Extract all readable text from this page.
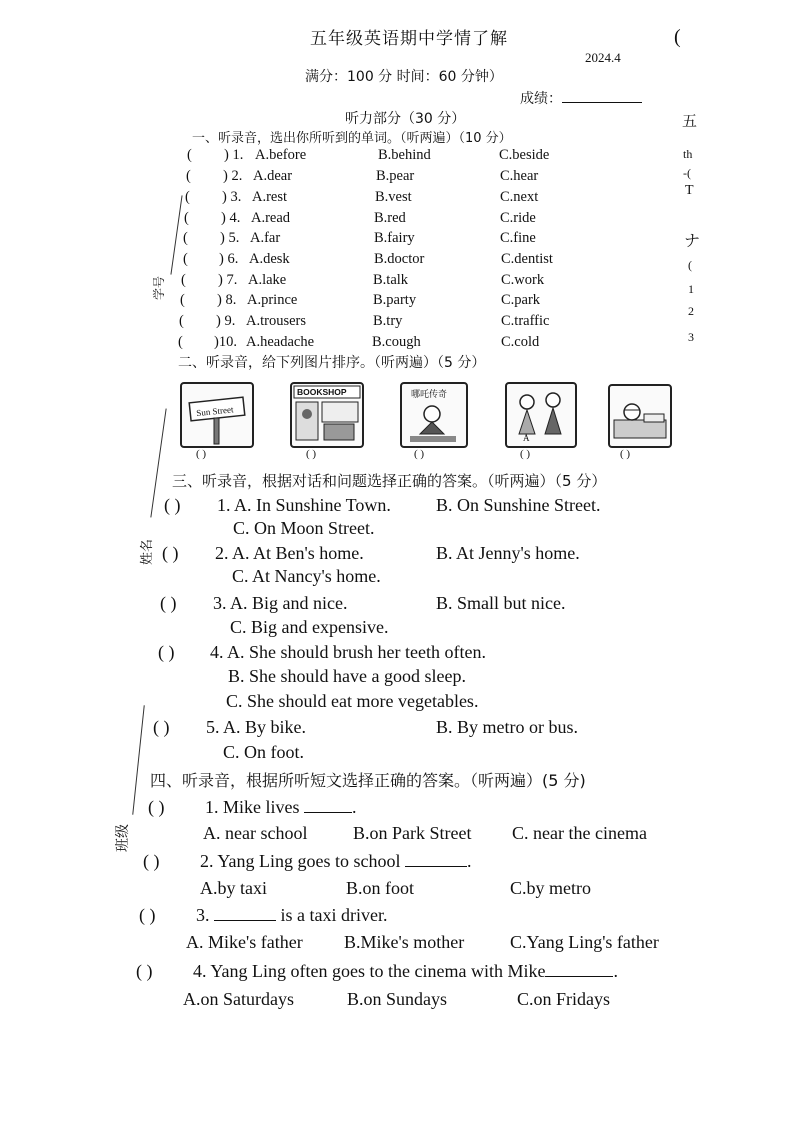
五年级英语期中学情了解	(
2024.4
满分：100 分 时间：60 分钟）
成绩：
听力部分（30 分）	五
th
-(
T
ナ
(
1
2
3
学号
姓名
班级
一、听录音，选出你所听到的单词。（听两遍）（10 分）
( ) 1. A.before	B.behind	C.beside
( ) 2. A.dear	B.pear	C.hear
( ) 3. A.rest	B.vest	C.next
( ) 4. A.read	B.red	C.ride
( ) 5. A.far	B.fairy	C.fine
( ) 6. A.desk	B.doctor	C.dentist
( ) 7. A.lake	B.talk	C.work
( ) 8. A.prince	B.party	C.park
( ) 9. A.trousers	B.try	C.traffic
( )10. A.headache	B.cough	C.cold
二、听录音，给下列图片排序。（听两遍）（5 分）
Sun Street
( )
BOOKSHOP
( )
哪吒传奇
( )
A
( )	( )
三、听录音，根据对话和问题选择正确的答案。（听两遍）（5 分）
( ) 1. A. In Sunshine Town.	B. On Sunshine Street.
C. On Moon Street.
( ) 2. A. At Ben's home.	B. At Jenny's home.
C. At Nancy's home.
( ) 3. A. Big and nice.	B. Small but nice.
C. Big and expensive.
( ) 4. A. She should brush her teeth often.
B. She should have a good sleep.
C. She should eat more vegetables.
( ) 5. A. By bike.	B. By metro or bus.
C. On foot.
四、听录音，根据所听短文选择正确的答案。（听两遍）(5 分)
( ) 1. Mike lives	.
A. near school	B.on Park Street C. near the cinema
( ) 2. Yang Ling goes to school	.
A.by taxi	B.on foot	C.by metro
( ) 3.	is a taxi driver.
A. Mike's father B.Mike's mother	C.Yang Ling's father
( ) 4. Yang Ling often goes to the cinema with Mike	.
A.on Saturdays	B.on Sundays	C.on Fridays
